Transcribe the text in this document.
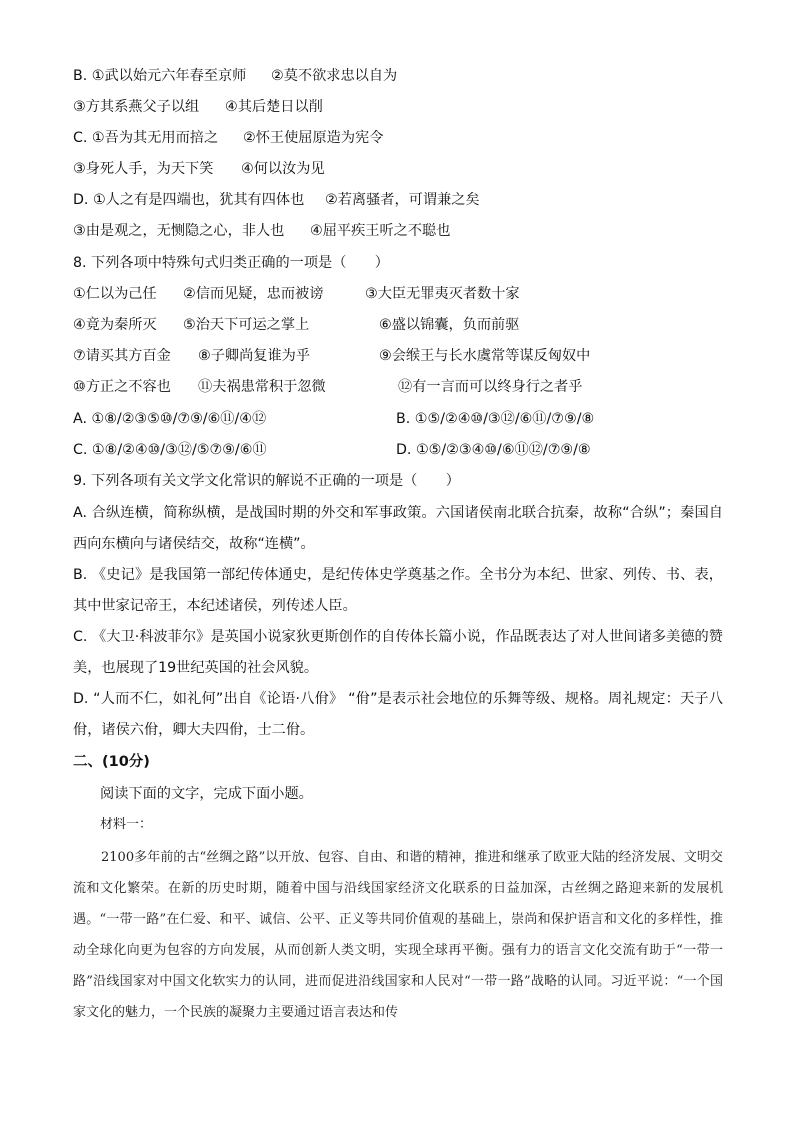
B. ①武以始元六年春至京师 ②莫不欲求忠以自为
③方其系燕父子以组 ④其后楚日以削
C. ①吾为其无用而掊之 ②怀王使屈原造为宪令
③身死人手，为天下笑 ④何以汝为见
D. ①人之有是四端也，犹其有四体也 ②若离骚者，可谓兼之矣
③由是观之，无恻隐之心，非人也 ④屈平疾王听之不聪也
8. 下列各项中特殊句式归类正确的一项是（　　）
①仁以为己任 ②信而见疑，忠而被谤	③大臣无罪夷灭者数十家
④竟为秦所灭 ⑤治天下可运之掌上	⑥盛以锦囊，负而前驱
⑦请买其方百金 ⑧子卿尚复谁为乎	⑨会缑王与长水虞常等谋反匈奴中
⑩方正之不容也 ⑪夫祸患常积于忽微	⑫有一言而可以终身行之者乎
A. ①⑧/②③⑤⑩/⑦⑨/⑥⑪/④⑫	B. ①⑤/②④⑩/③⑫/⑥⑪/⑦⑨/⑧
C. ①⑧/②④⑩/③⑫/⑤⑦⑨/⑥⑪	D. ①⑤/②③④⑩/⑥⑪⑫/⑦⑨/⑧
9. 下列各项有关文学文化常识的解说不正确的一项是（　　）
A. 合纵连横，简称纵横，是战国时期的外交和军事政策。六国诸侯南北联合抗秦，故称“合纵”；秦国自西向东横向与诸侯结交，故称“连横”。
B. 《史记》是我国第一部纪传体通史，是纪传体史学奠基之作。全书分为本纪、世家、列传、书、表，其中世家记帝王，本纪述诸侯，列传述人臣。
C. 《大卫·科波菲尔》是英国小说家狄更斯创作的自传体长篇小说，作品既表达了对人世间诸多美德的赞美，也展现了19世纪英国的社会风貌。
D. “人而不仁，如礼何”出自《论语·八佾》 “佾”是表示社会地位的乐舞等级、规格。周礼规定：天子八佾，诸侯六佾，卿大夫四佾，士二佾。
二、(10分)
阅读下面的文字，完成下面小题。
材料一：
2100多年前的古“丝绸之路”以开放、包容、自由、和谐的精神，推进和继承了欧亚大陆的经济发展、文明交流和文化繁荣。在新的历史时期，随着中国与沿线国家经济文化联系的日益加深，古丝绸之路迎来新的发展机遇。“一带一路”在仁爱、和平、诚信、公平、正义等共同价值观的基础上，崇尚和保护语言和文化的多样性，推动全球化向更为包容的方向发展，从而创新人类文明，实现全球再平衡。强有力的语言文化交流有助于“一带一路”沿线国家对中国文化软实力的认同，进而促进沿线国家和人民对“一带一路”战略的认同。习近平说：“一个国家文化的魅力，一个民族的凝聚力主要通过语言表达和传
